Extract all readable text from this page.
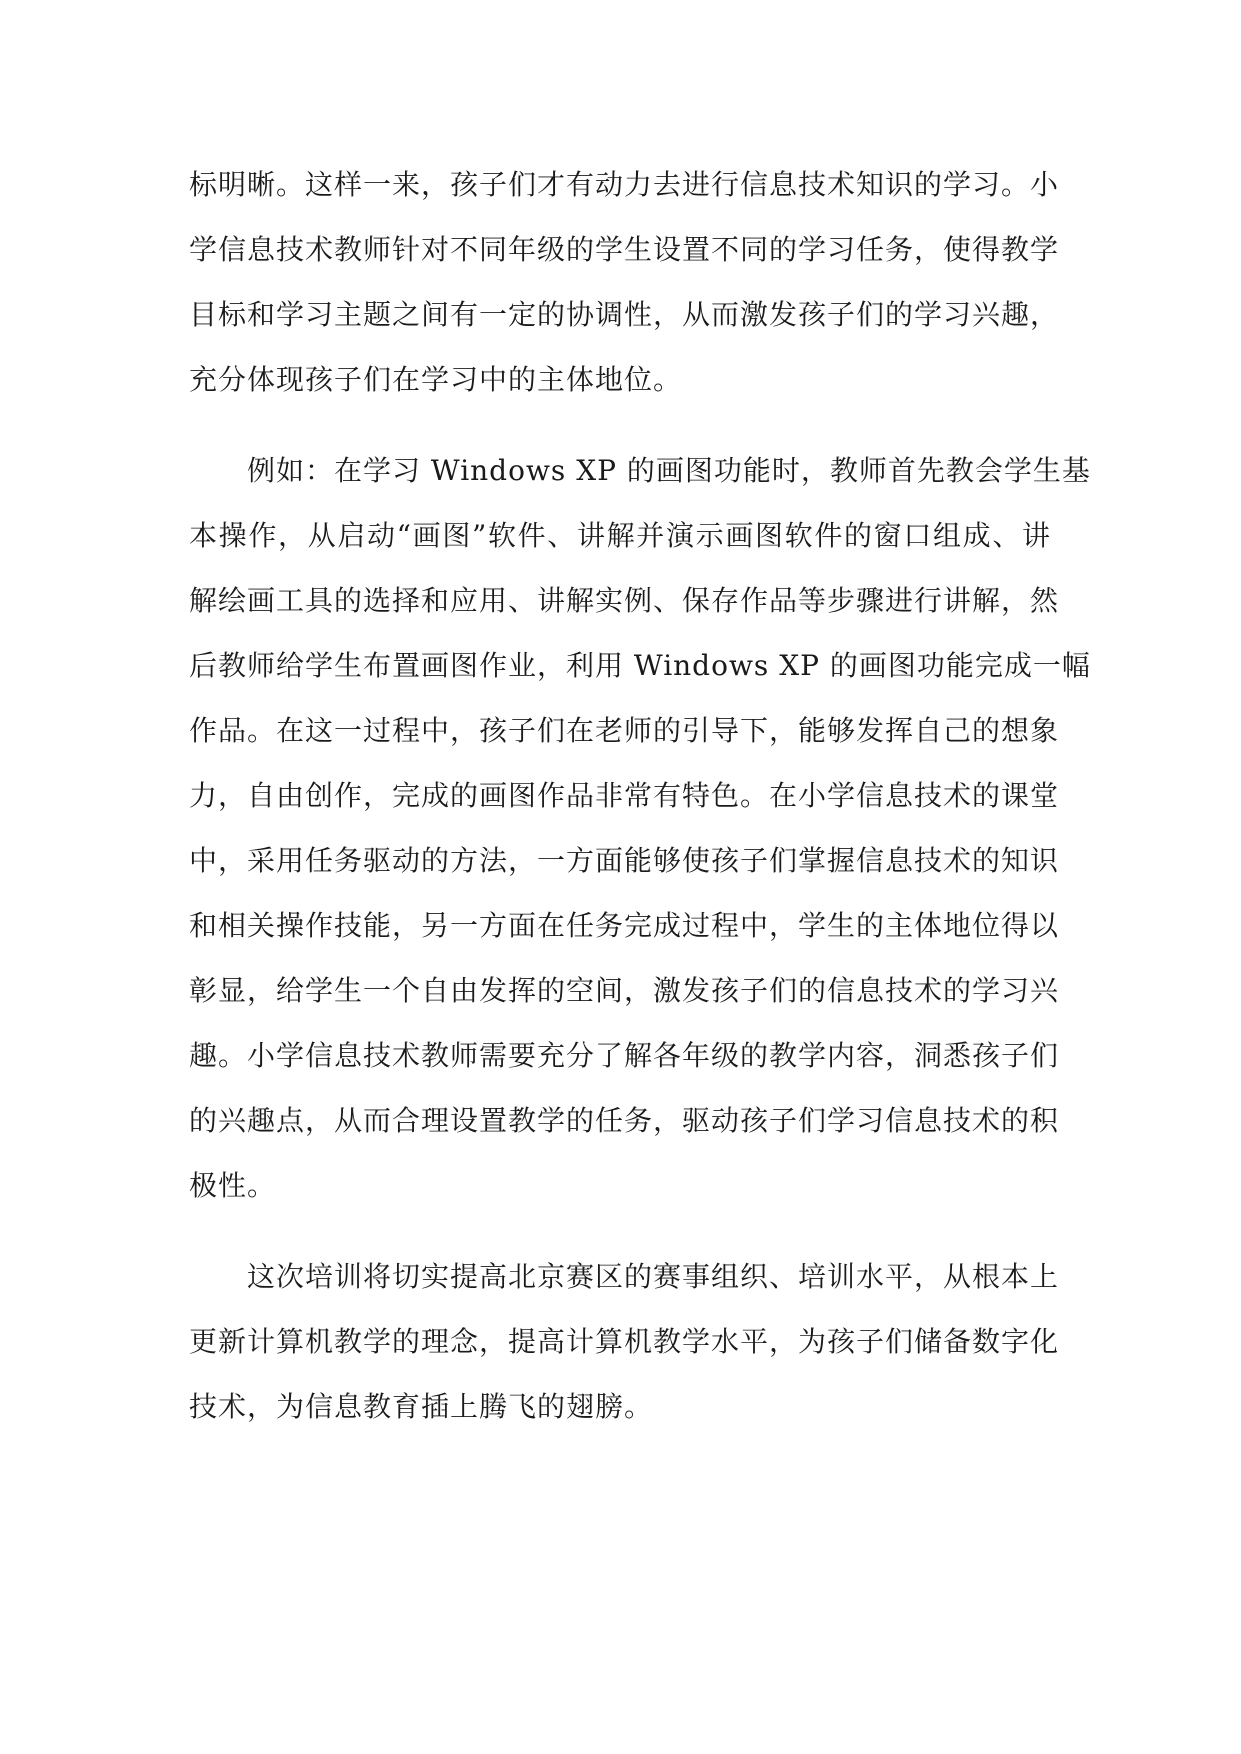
标明晰。这样一来，孩子们才有动力去进行信息技术知识的学习。小
学信息技术教师针对不同年级的学生设置不同的学习任务，使得教学
目标和学习主题之间有一定的协调性，从而激发孩子们的学习兴趣，
充分体现孩子们在学习中的主体地位。
例如：在学习 Windows XP 的画图功能时，教师首先教会学生基
本操作，从启动“画图”软件、讲解并演示画图软件的窗口组成、讲
解绘画工具的选择和应用、讲解实例、保存作品等步骤进行讲解，然
后教师给学生布置画图作业，利用 Windows XP 的画图功能完成一幅
作品。在这一过程中，孩子们在老师的引导下，能够发挥自己的想象
力，自由创作，完成的画图作品非常有特色。在小学信息技术的课堂
中，采用任务驱动的方法，一方面能够使孩子们掌握信息技术的知识
和相关操作技能，另一方面在任务完成过程中，学生的主体地位得以
彰显，给学生一个自由发挥的空间，激发孩子们的信息技术的学习兴
趣。小学信息技术教师需要充分了解各年级的教学内容，洞悉孩子们
的兴趣点，从而合理设置教学的任务，驱动孩子们学习信息技术的积
极性。
这次培训将切实提高北京赛区的赛事组织、培训水平，从根本上
更新计算机教学的理念，提高计算机教学水平，为孩子们储备数字化
技术，为信息教育插上腾飞的翅膀。
